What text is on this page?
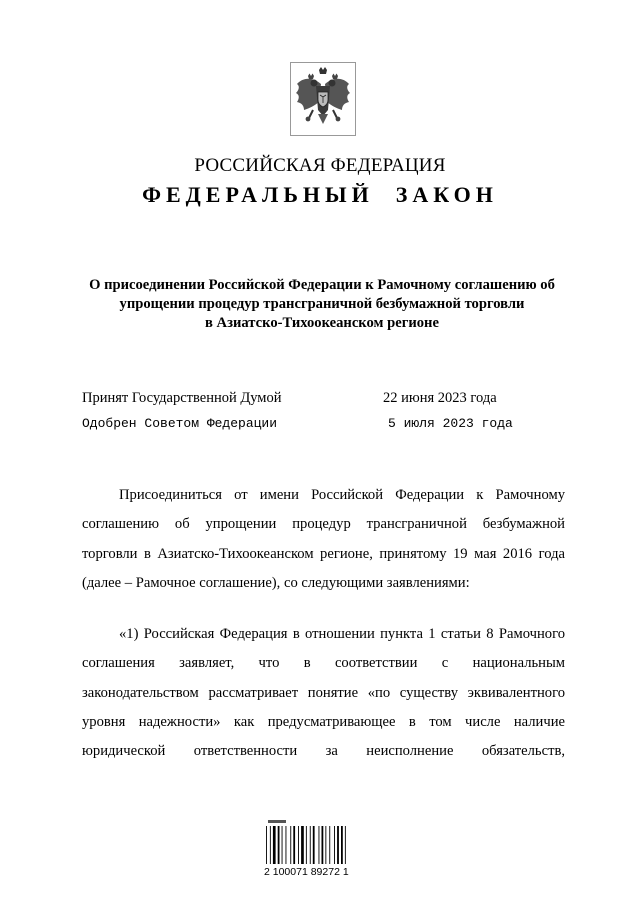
РОССИЙСКАЯ ФЕДЕРАЦИЯ
ФЕДЕРАЛЬНЫЙ ЗАКОН
О присоединении Российской Федерации к Рамочному соглашению об
упрощении процедур трансграничной безбумажной торговли
в Азиатско-Тихоокеанском регионе
Принят Государственной Думой	22 июня 2023 года
Одобрен Советом Федерации	5 июля 2023 года
Присоединиться от имени Российской Федерации к Рамочному
соглашению об упрощении процедур трансграничной безбумажной
торговли в Азиатско-Тихоокеанском регионе, принятому 19 мая 2016 года
(далее – Рамочное соглашение), со следующими заявлениями:
«1) Российская Федерация в отношении пункта 1 статьи 8 Рамочного
соглашения заявляет, что в соответствии с национальным
законодательством рассматривает понятие «по существу эквивалентного
уровня надежности» как предусматривающее в том числе наличие
юридической ответственности за неисполнение обязательств,
2 100071 89272 1
